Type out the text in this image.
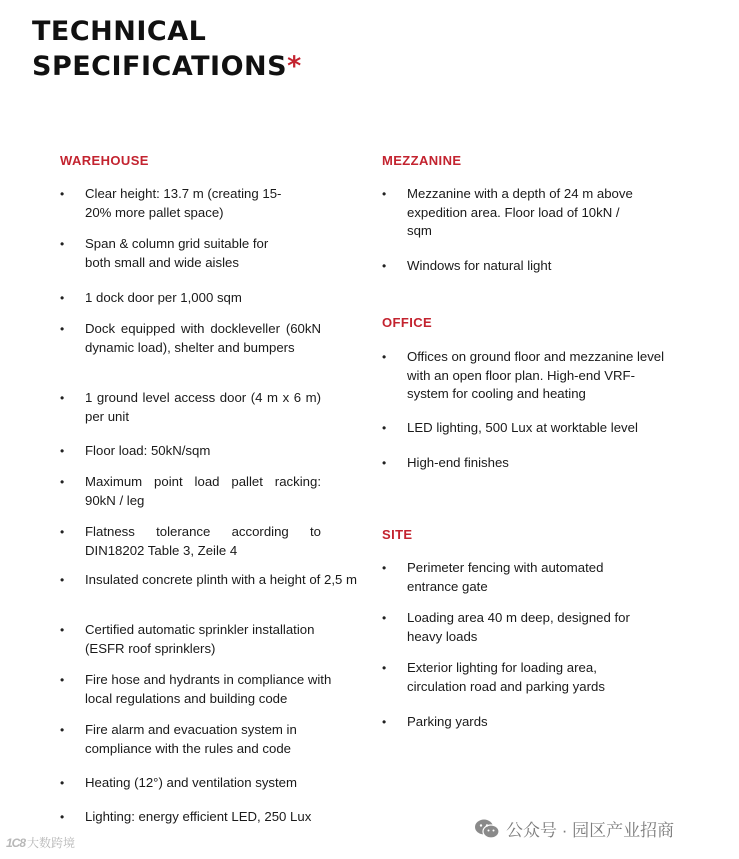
TECHNICAL
SPECIFICATIONS*
WAREHOUSE
• Clear height: 13.7 m (creating 15-
20% more pallet space)
• Span & column grid suitable for
both small and wide aisles
• 1 dock door per 1,000 sqm
• Dock equipped with dockleveller (60kN dynamic load), shelter and bumpers
• 1 ground level access door (4 m x 6 m) per unit
• Floor load: 50kN/sqm
• Maximum point load pallet racking: 90kN / leg
• Flatness tolerance according to DIN18202 Table 3, Zeile 4
• Insulated concrete plinth with a height of 2,5 m
• Certified automatic sprinkler installation (ESFR roof sprinklers)
• Fire hose and hydrants in compliance with local regulations and building code
• Fire alarm and evacuation system in compliance with the rules and code
• Heating (12°) and ventilation system
• Lighting: energy efficient LED, 250 Lux
MEZZANINE
• Mezzanine with a depth of 24 m above expedition area. Floor load of 10kN / sqm
• Windows for natural light
OFFICE
• Offices on ground floor and mezzanine level with an open floor plan. High-end VRF-system for cooling and heating
• LED lighting, 500 Lux at worktable level
• High-end finishes
SITE
• Perimeter fencing with automated entrance gate
• Loading area 40 m deep, designed for heavy loads
• Exterior lighting for loading area, circulation road and parking yards
• Parking yards
1C8 大数跨境
公众号 · 园区产业招商
